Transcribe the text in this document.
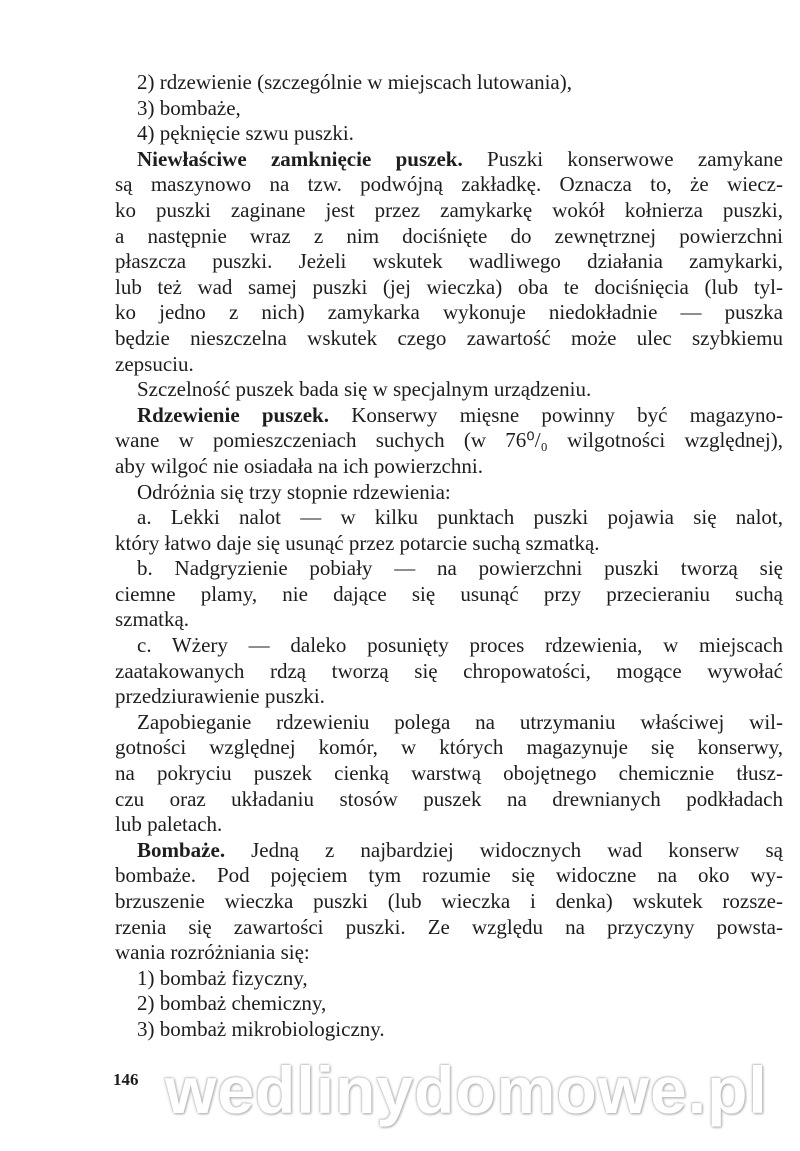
2) rdzewienie (szczególnie w miejscach lutowania),
3) bombaże,
4) pęknięcie szwu puszki.
Niewłaściwe zamknięcie puszek. Puszki konserwowe zamykane
są maszynowo na tzw. podwójną zakładkę. Oznacza to, że wiecz-
ko puszki zaginane jest przez zamykarkę wokół kołnierza puszki,
a następnie wraz z nim dociśnięte do zewnętrznej powierzchni
płaszcza puszki. Jeżeli wskutek wadliwego działania zamykarki,
lub też wad samej puszki (jej wieczka) oba te dociśnięcia (lub tyl-
ko jedno z nich) zamykarka wykonuje niedokładnie — puszka
będzie nieszczelna wskutek czego zawartość może ulec szybkiemu
zepsuciu.
Szczelność puszek bada się w specjalnym urządzeniu.
Rdzewienie puszek. Konserwy mięsne powinny być magazyno-
wane w pomieszczeniach suchych (w 76⁰/₀ wilgotności względnej),
aby wilgoć nie osiadała na ich powierzchni.
Odróżnia się trzy stopnie rdzewienia:
a. Lekki nalot — w kilku punktach puszki pojawia się nalot,
który łatwo daje się usunąć przez potarcie suchą szmatką.
b. Nadgryzienie pobiały — na powierzchni puszki tworzą się
ciemne plamy, nie dające się usunąć przy przecieraniu suchą
szmatką.
c. Wżery — daleko posunięty proces rdzewienia, w miejscach
zaatakowanych rdzą tworzą się chropowatości, mogące wywołać
przedziurawienie puszki.
Zapobieganie rdzewieniu polega na utrzymaniu właściwej wil-
gotności względnej komór, w których magazynuje się konserwy,
na pokryciu puszek cienką warstwą obojętnego chemicznie tłusz-
czu oraz układaniu stosów puszek na drewnianych podkładach
lub paletach.
Bombaże. Jedną z najbardziej widocznych wad konserw są
bombaże. Pod pojęciem tym rozumie się widoczne na oko wy-
brzuszenie wieczka puszki (lub wieczka i denka) wskutek rozsze-
rzenia się zawartości puszki. Ze względu na przyczyny powsta-
wania rozróżniania się:
1) bombaż fizyczny,
2) bombaż chemiczny,
3) bombaż mikrobiologiczny.
wedlinydomowe.pl
146
